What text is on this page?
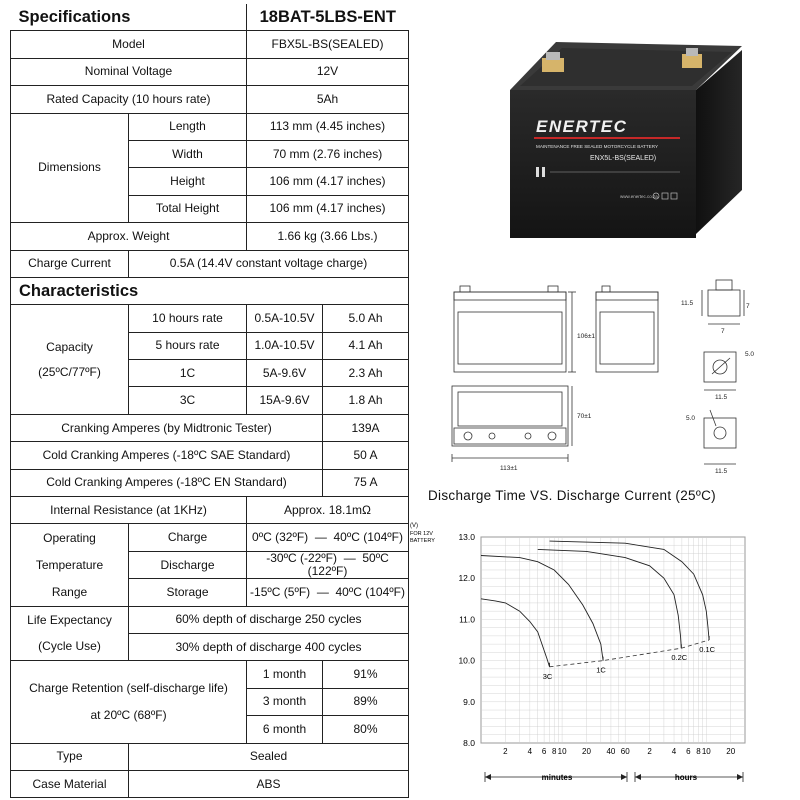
Specifications		18BAT-5LBS-ENT	
Model		FBX5L-BS(SEALED)	
Nominal Voltage		12V	
Rated Capacity (10 hours rate)		5Ah	
Dimensions	Length	113 mm (4.45 inches)	
	Width	70 mm (2.76 inches)	
	Height	106 mm (4.17 inches)	
	Total Height	106 mm (4.17 inches)	
Approx. Weight		1.66 kg (3.66 Lbs.)	
Charge Current	0.5A (14.4V constant voltage charge)		
Characteristics			

Capacity
(25ºC/77ºF)	10 hours rate	0.5A-10.5V	5.0 Ah
	5 hours rate	1.0A-10.5V	4.1 Ah
	1C	5A-9.6V	2.3 Ah
	3C	15A-9.6V	1.8 Ah
Cranking Amperes (by Midtronic Tester)			139A
Cold Cranking Amperes (-18ºC SAE Standard)			50 A
Cold Cranking Amperes (-18ºC EN Standard)			75 A
Internal Resistance (at 1KHz)		Approx. 18.1mΩ	

Operating
Temperature
Range	Charge	0ºC (32ºF) — 40ºC (104ºF)	
	Discharge	-30ºC (-22ºF) — 50ºC (122ºF)	
	Storage	-15ºC (5ºF) — 40ºC (104ºF)	
Life Expectancy	60% depth of discharge 250 cycles		
(Cycle Use)	30% depth of discharge 400 cycles		

Charge Retention (self-discharge life)
at 20ºC (68ºF)		1 month	91%
		3 month	89%
		6 month	80%
Type	Sealed		
Case Material	ABS		
ENERTEC
MAINTENANCE FREE SEALED MOTORCYCLE BATTERY
ENX5L-BS(SEALED)
www.enertec.co.za
106±1
70±1
113±1
11.5	7
7
5.0
11.5
5.0
11.5
Discharge Time VS. Discharge Current (25ºC)
(V)
FOR 12V
BATTERY	13.0
12.0
11.0
10.0
9.0
8.0
2 4 6 8 10 20 40 60 2 4 6 8 10 20
3C
1C
0.2C
0.1C
minutes	hours
